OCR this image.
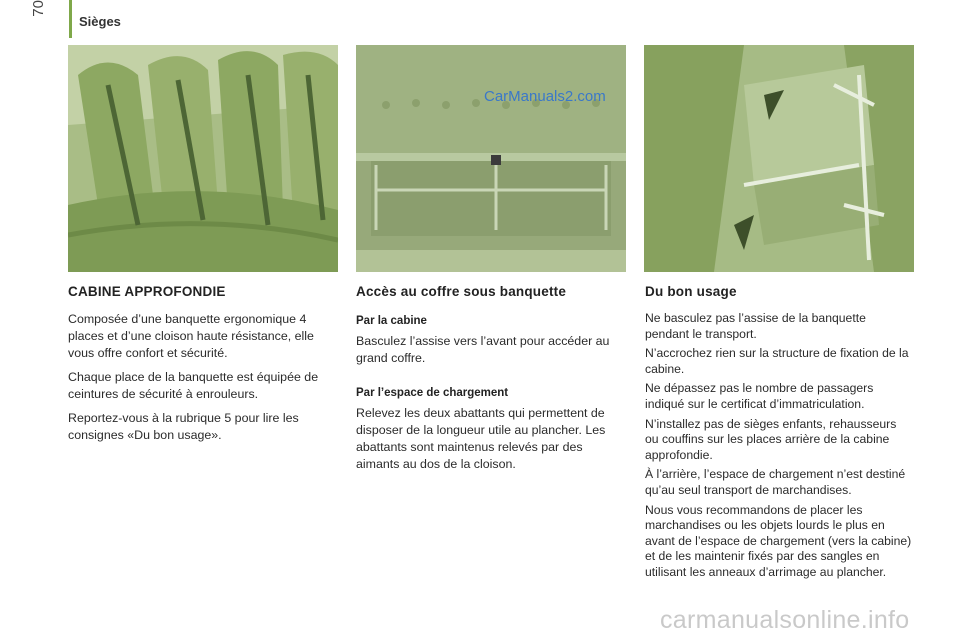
Sièges
70
CarManuals2.com
CABINE APPROFONDIE

Composée d’une banquette ergonomique 4 places et d’une cloison haute résistance, elle vous offre confort et sécurité.

Chaque place de la banquette est équipée de ceintures de sécurité à enrouleurs.

Reportez-vous à la rubrique 5 pour lire les consignes «Du bon usage».

Accès au coffre sous banquette
Par la cabine

Basculez l’assise vers l’avant pour accéder au grand coffre.

Par l’espace de chargement

Relevez les deux abattants qui permettent de disposer de la longueur utile au plancher. Les abattants sont maintenus relevés par des aimants au dos de la cloison.

Du bon usage

Ne basculez pas l’assise de la banquette pendant le transport.

N’accrochez rien sur la structure de fixation de la cabine.

Ne dépassez pas le nombre de passagers indiqué sur le certificat d’immatriculation.

N’installez pas de sièges enfants, rehausseurs ou couffins sur les places arrière de la cabine approfondie.

À l’arrière, l’espace de chargement n’est destiné qu’au seul transport de marchandises.

Nous vous recommandons de placer les marchandises ou les objets lourds le plus en avant de l’espace de chargement (vers la cabine) et de les maintenir fixés par des sangles en utilisant les anneaux d’arrimage au plancher.

carmanualsonline.info
